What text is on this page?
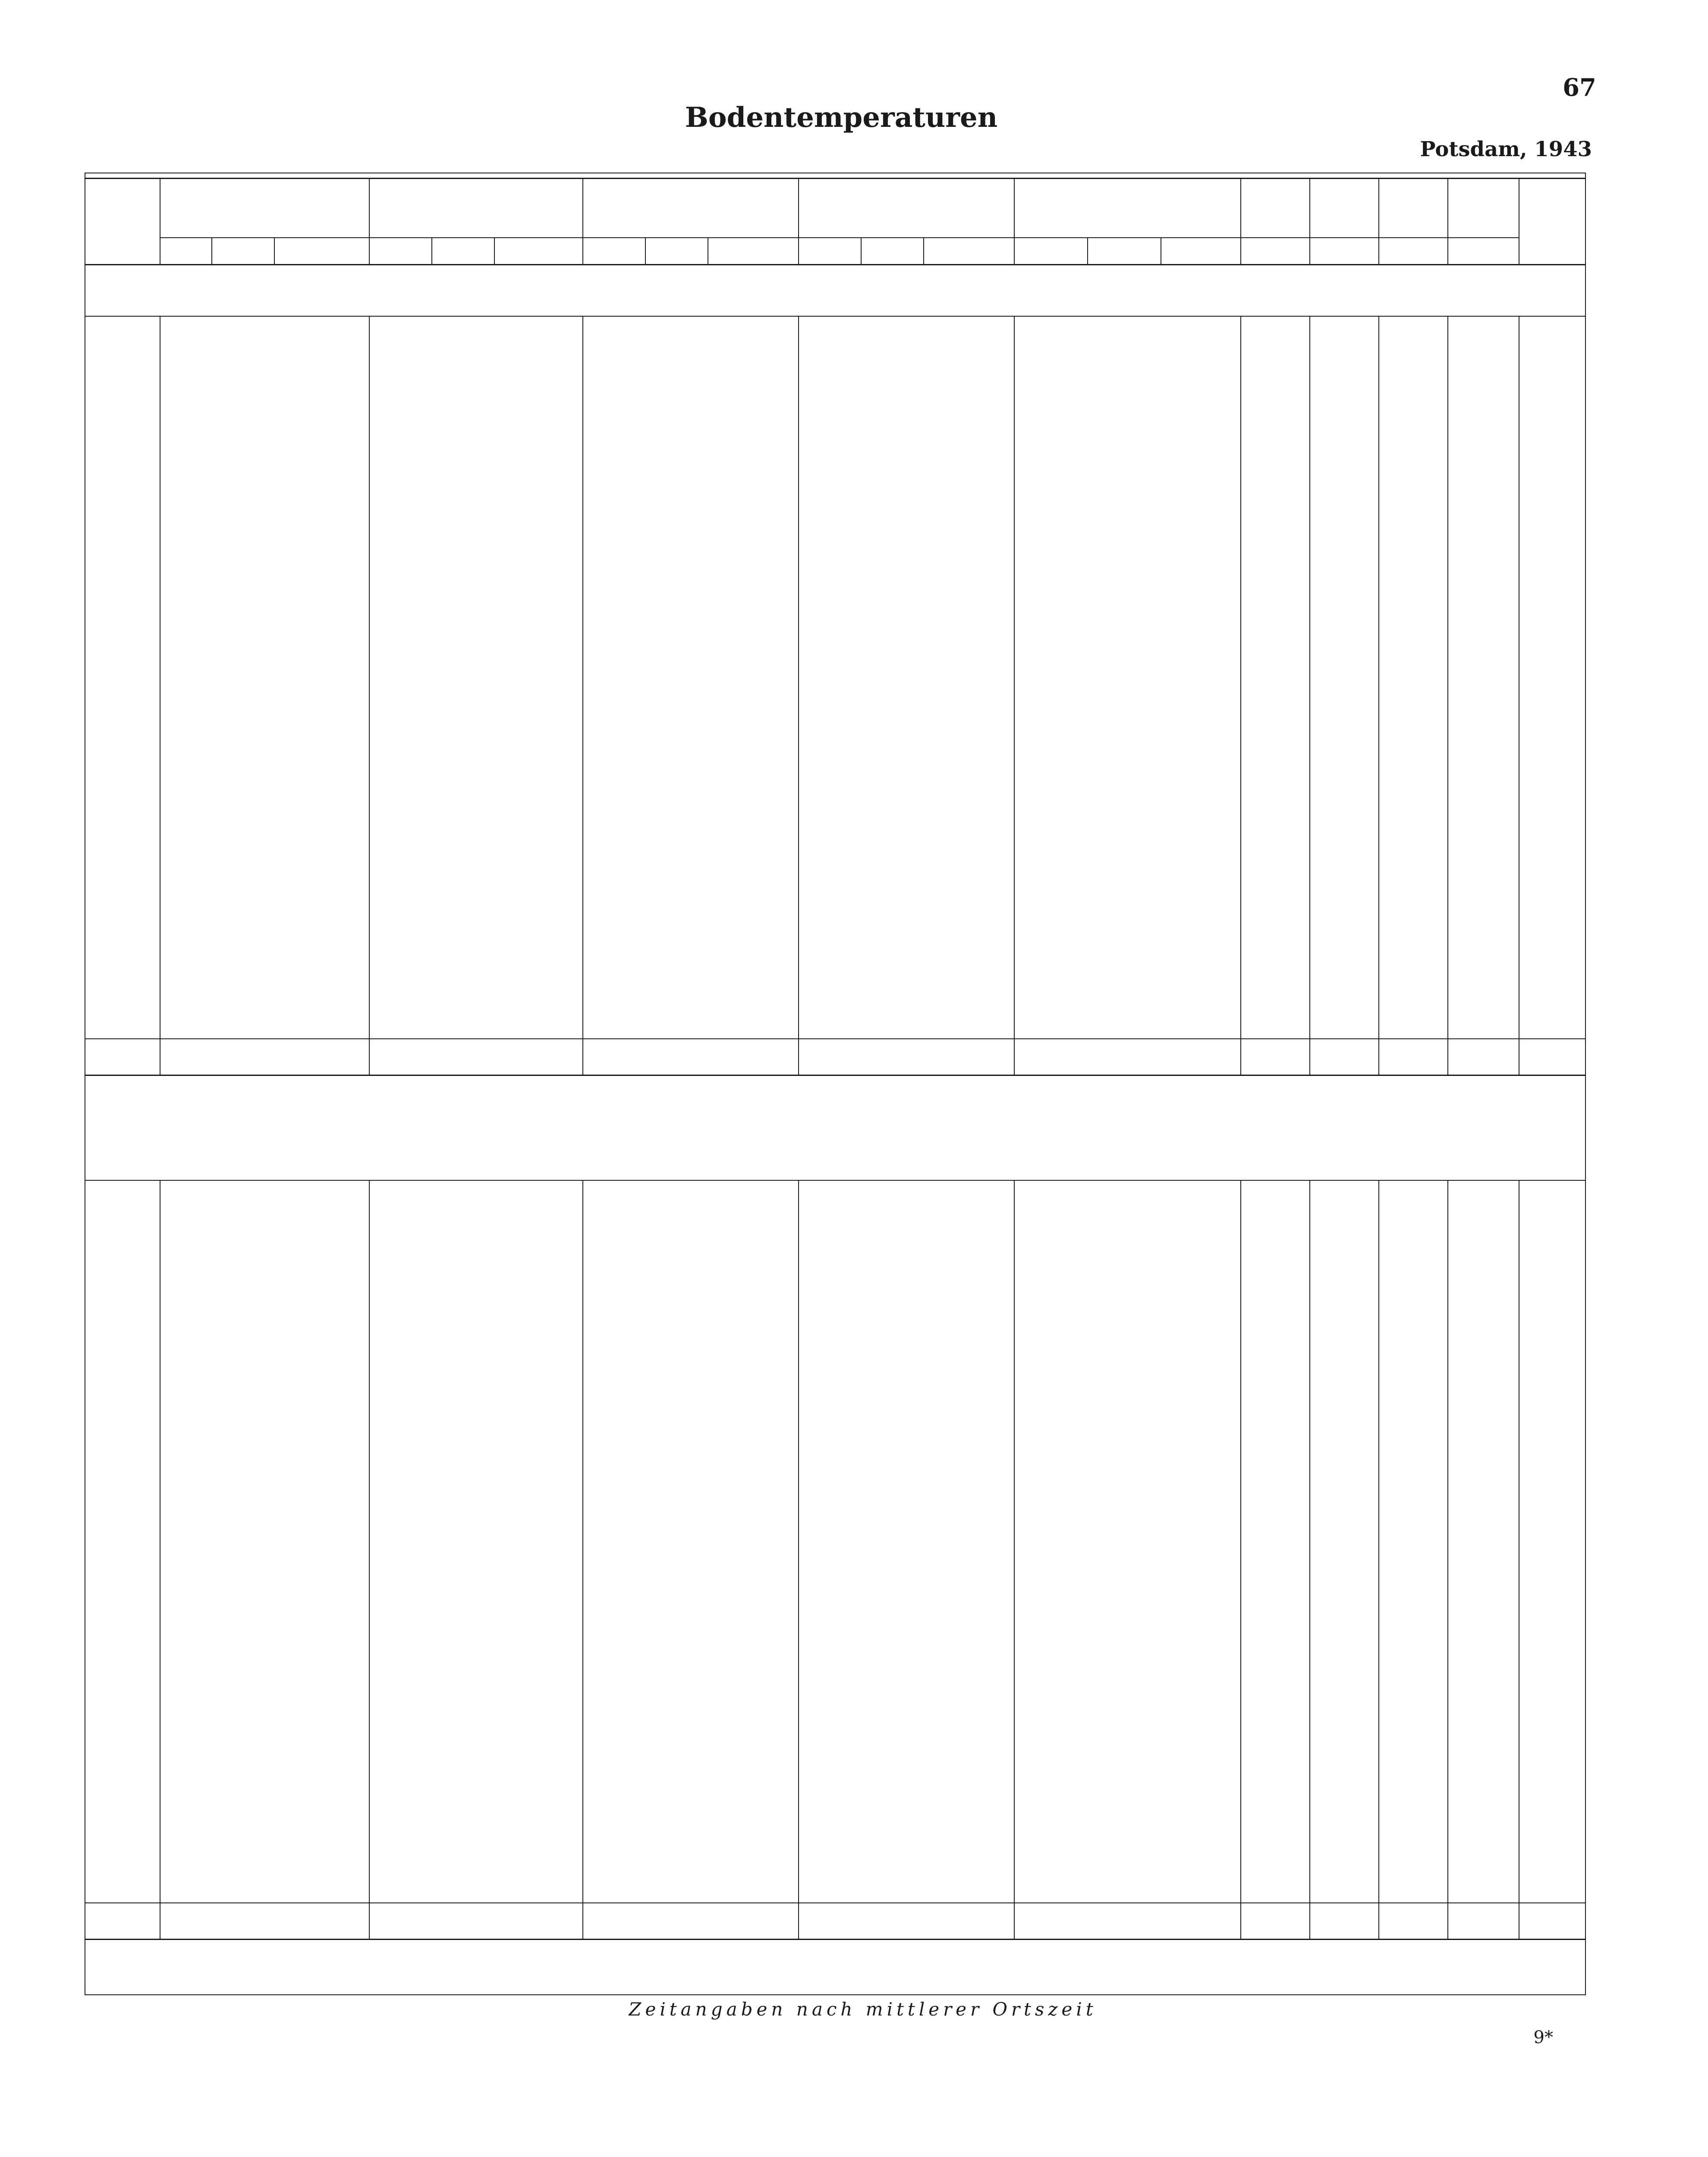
67
Bodentemperaturen
Potsdam, 1943
Zeitangaben nach mittlerer Ortszeit
9*
